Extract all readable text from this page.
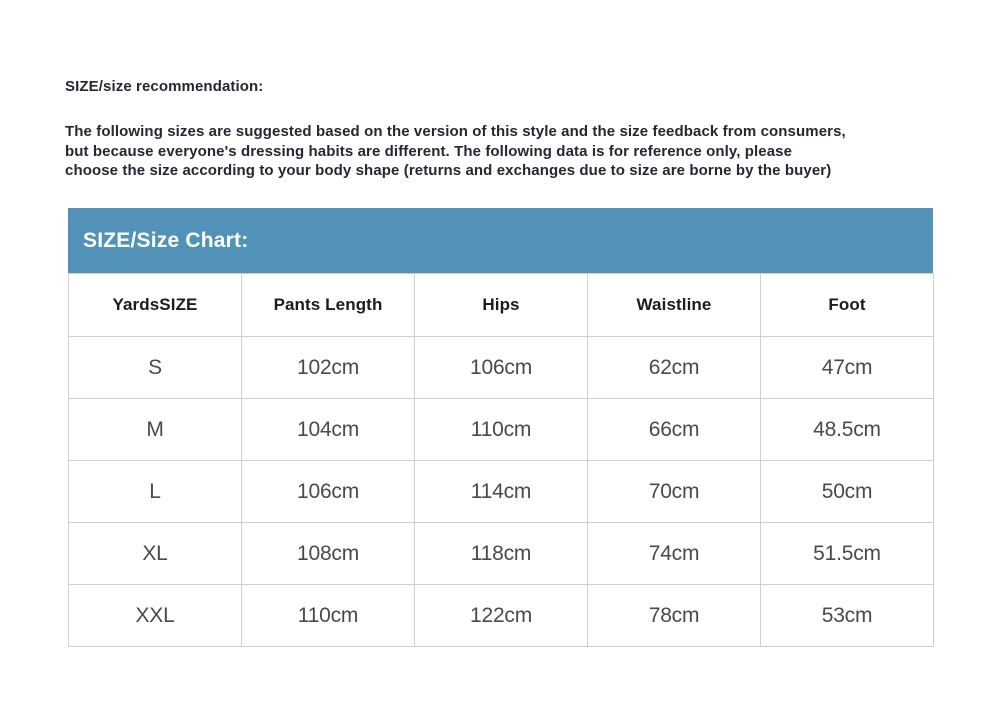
SIZE/size recommendation:
The following sizes are suggested based on the version of this style and the size feedback from consumers,
but because everyone's dressing habits are different. The following data is for reference only, please
choose the size according to your body shape (returns and exchanges due to size are borne by the buyer)
SIZE/Size Chart:
YardsSIZE	Pants Length	Hips	Waistline	Foot
S	102cm	106cm	62cm	47cm
M	104cm	110cm	66cm	48.5cm
L	106cm	114cm	70cm	50cm
XL	108cm	118cm	74cm	51.5cm
XXL	110cm	122cm	78cm	53cm
